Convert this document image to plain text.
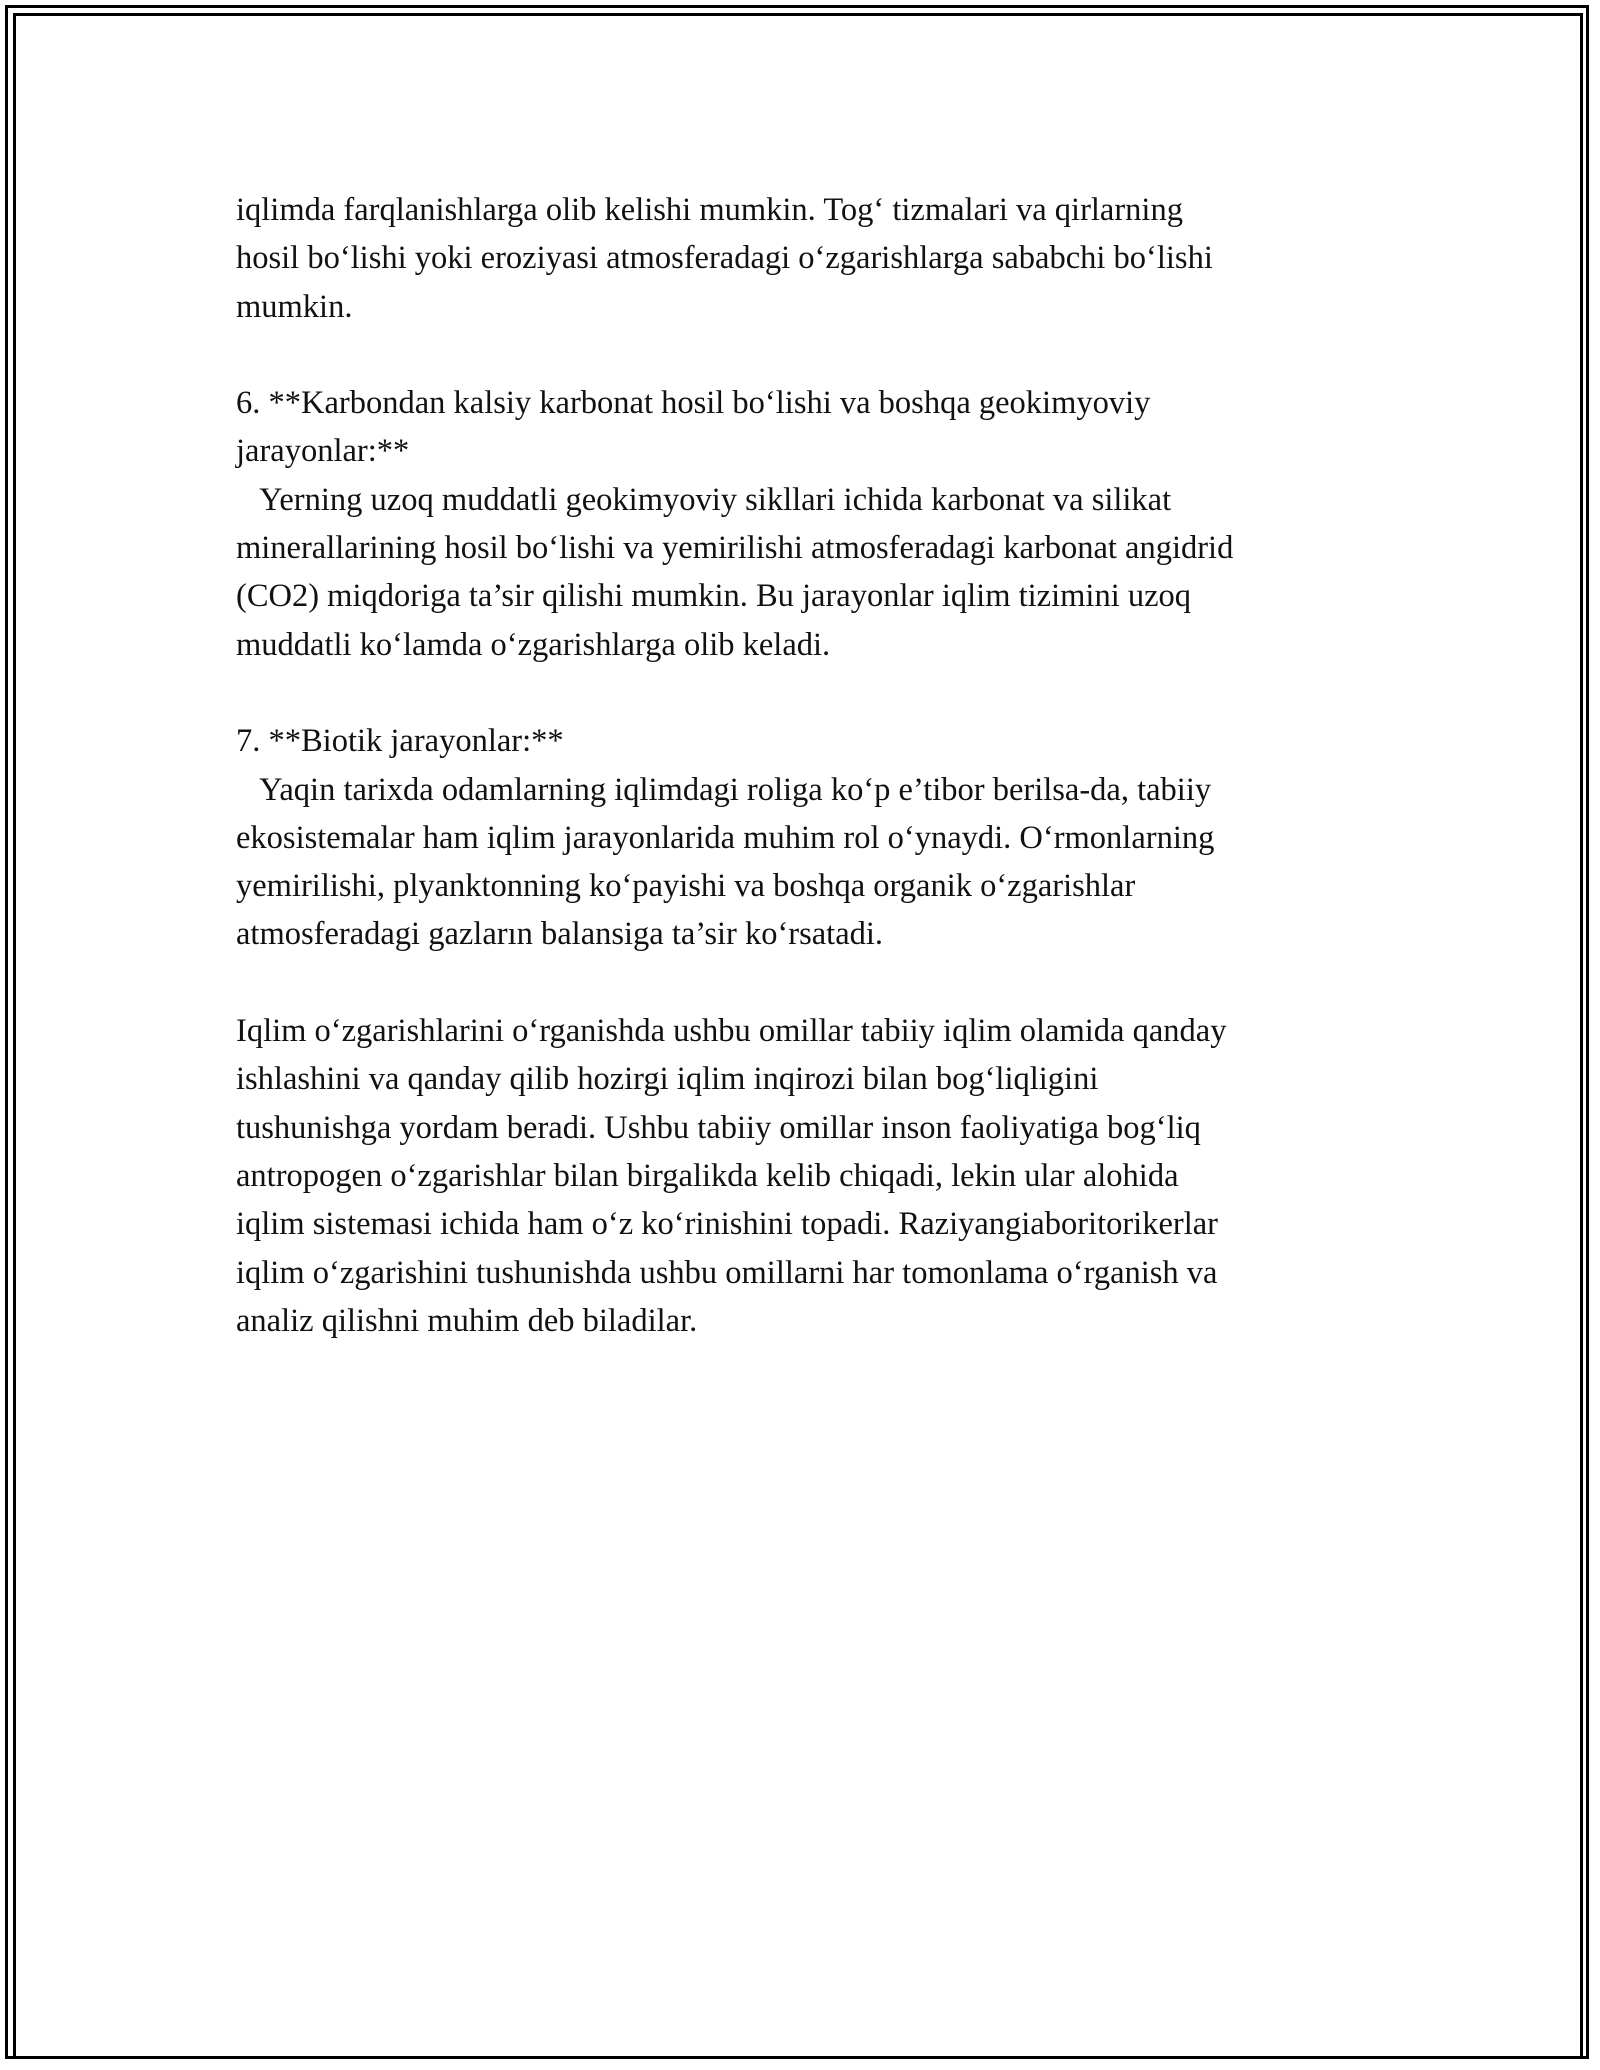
iqlimda farqlanishlarga olib kelishi mumkin. Tog‘ tizmalari va qirlarning
hosil bo‘lishi yoki eroziyasi atmosferadagi o‘zgarishlarga sababchi bo‘lishi
mumkin.
6. **Karbondan kalsiy karbonat hosil bo‘lishi va boshqa geokimyoviy
jarayonlar:**
Yerning uzoq muddatli geokimyoviy sikllari ichida karbonat va silikat
minerallarining hosil bo‘lishi va yemirilishi atmosferadagi karbonat angidrid
(CO2) miqdoriga ta’sir qilishi mumkin. Bu jarayonlar iqlim tizimini uzoq
muddatli ko‘lamda o‘zgarishlarga olib keladi.
7. **Biotik jarayonlar:**
Yaqin tarixda odamlarning iqlimdagi roliga ko‘p e’tibor berilsa-da, tabiiy
ekosistemalar ham iqlim jarayonlarida muhim rol o‘ynaydi. O‘rmonlarning
yemirilishi, plyanktonning ko‘payishi va boshqa organik o‘zgarishlar
atmosferadagi gazların balansiga ta’sir ko‘rsatadi.
Iqlim o‘zgarishlarini o‘rganishda ushbu omillar tabiiy iqlim olamida qanday
ishlashini va qanday qilib hozirgi iqlim inqirozi bilan bog‘liqligini
tushunishga yordam beradi. Ushbu tabiiy omillar inson faoliyatiga bog‘liq
antropogen o‘zgarishlar bilan birgalikda kelib chiqadi, lekin ular alohida
iqlim sistemasi ichida ham o‘z ko‘rinishini topadi. Raziyangiaboritorikerlar
iqlim o‘zgarishini tushunishda ushbu omillarni har tomonlama o‘rganish va
analiz qilishni muhim deb biladilar.
